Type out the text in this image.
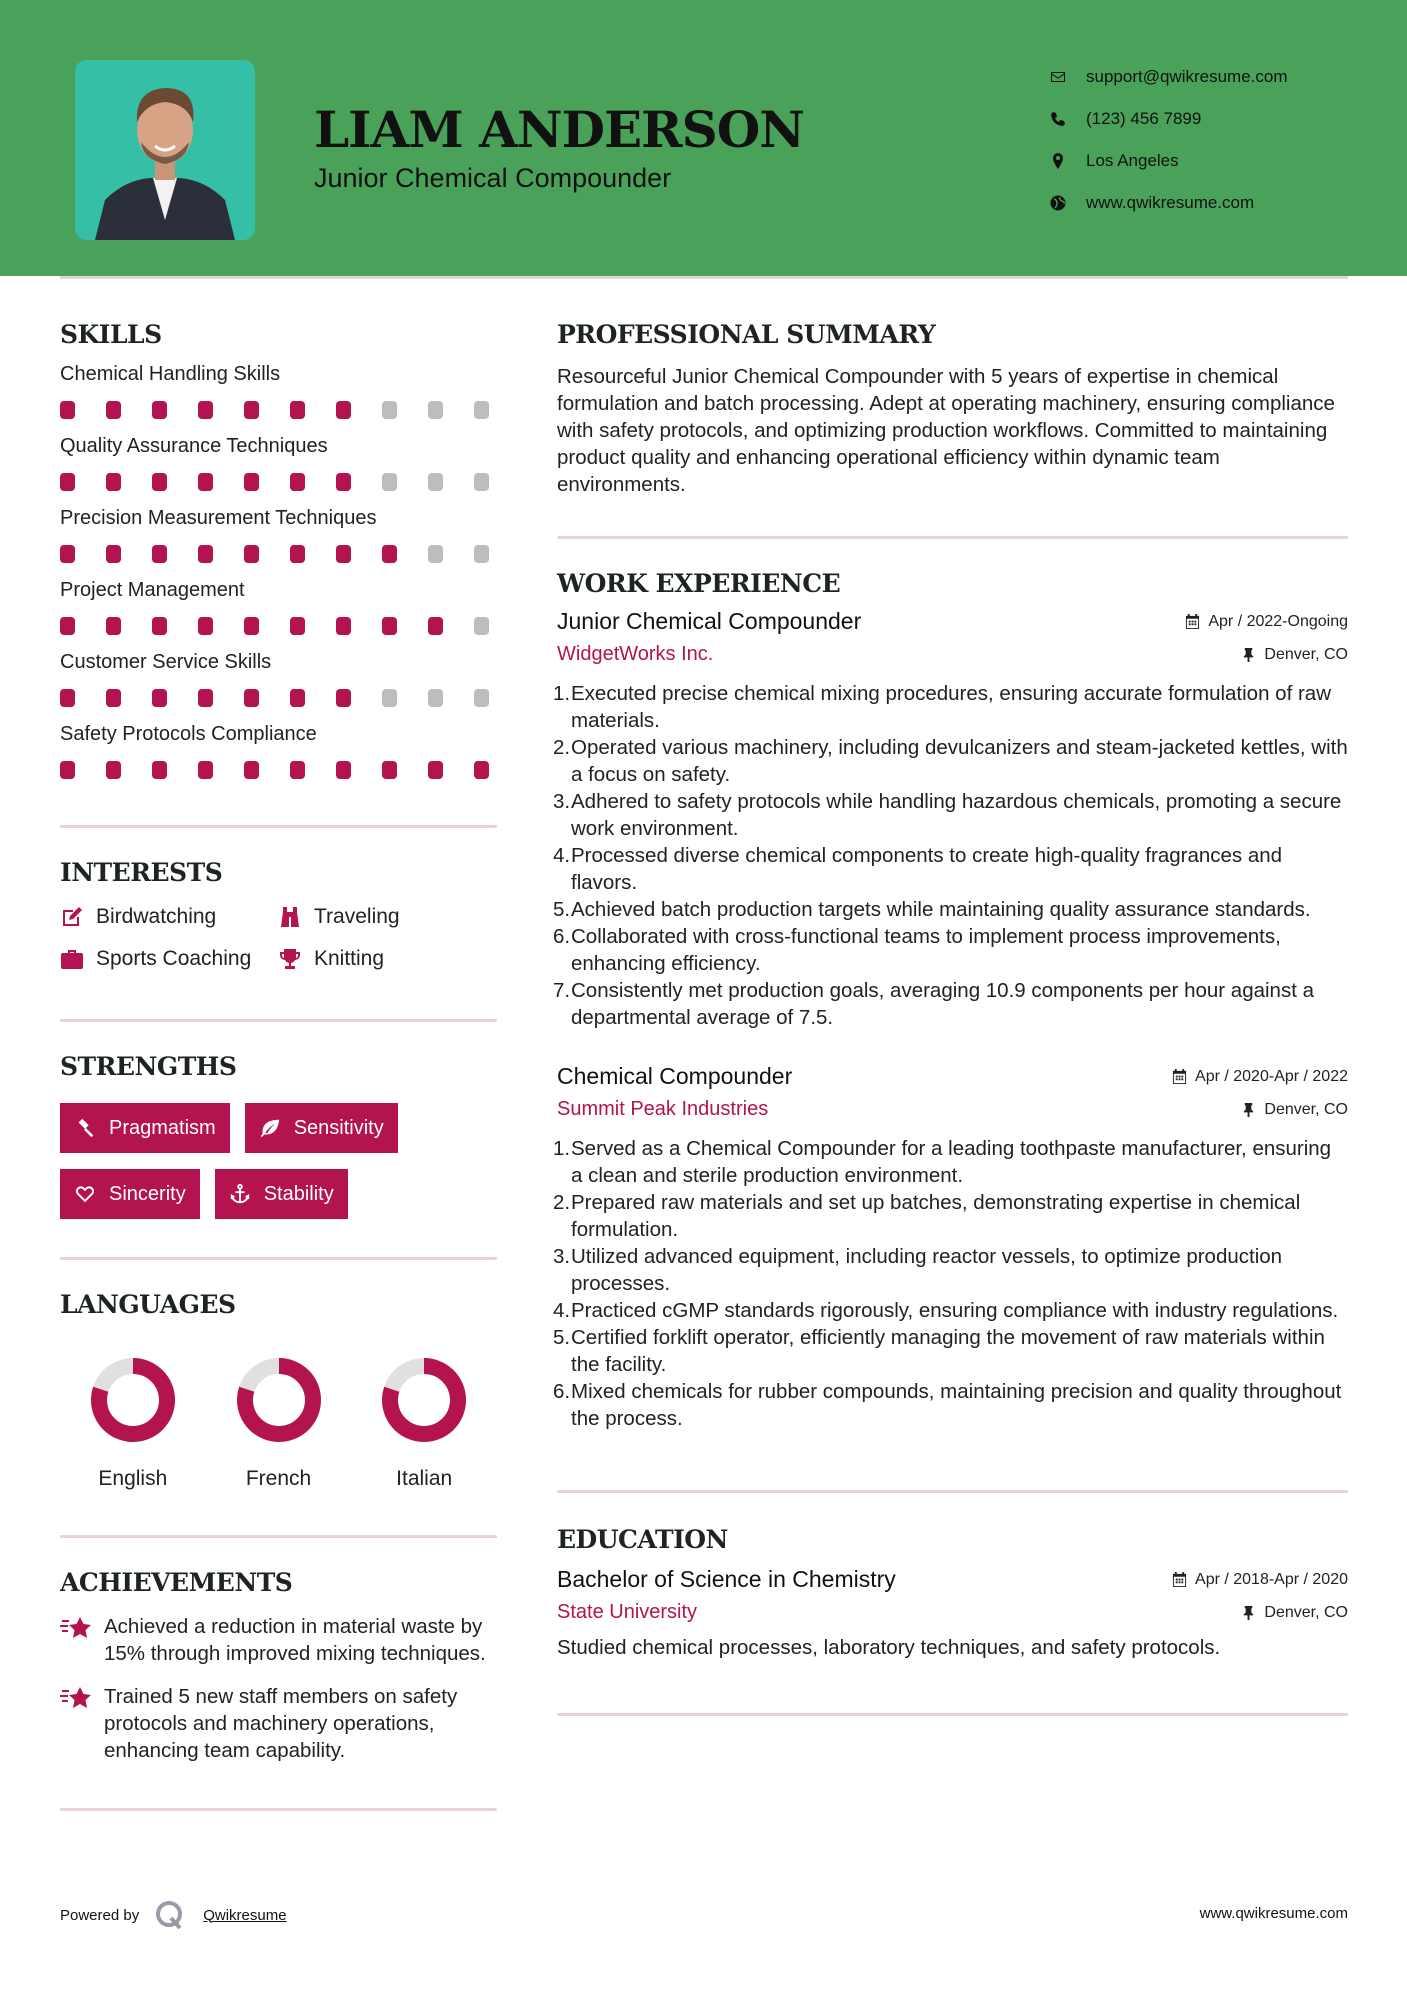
LIAM ANDERSON
Junior Chemical Compounder
support@qwikresume.com
(123) 456 7899
Los Angeles
www.qwikresume.com
SKILLS
Chemical Handling Skills
Quality Assurance Techniques
Precision Measurement Techniques
Project Management
Customer Service Skills
Safety Protocols Compliance
INTERESTS
Birdwatching	Traveling
Sports Coaching	Knitting
STRENGTHS
Pragmatism	Sensitivity
Sincerity	Stability
LANGUAGES
English	French	Italian
ACHIEVEMENTS
Achieved a reduction in material waste by 15% through improved mixing techniques.
Trained 5 new staff members on safety protocols and machinery operations, enhancing team capability.
PROFESSIONAL SUMMARY

Resourceful Junior Chemical Compounder with 5 years of expertise in chemical formulation and batch processing. Adept at operating machinery, ensuring compliance with safety protocols, and optimizing production workflows. Committed to maintaining product quality and enhancing operational efficiency within dynamic team environments.

WORK EXPERIENCE
Junior Chemical Compounder	Apr / 2022-Ongoing
WidgetWorks Inc.	Denver, CO
1. Executed precise chemical mixing procedures, ensuring accurate formulation of raw materials.
2. Operated various machinery, including devulcanizers and steam-jacketed kettles, with a focus on safety.
3. Adhered to safety protocols while handling hazardous chemicals, promoting a secure work environment.
4. Processed diverse chemical components to create high-quality fragrances and flavors.
5. Achieved batch production targets while maintaining quality assurance standards.
6. Collaborated with cross-functional teams to implement process improvements, enhancing efficiency.
7. Consistently met production goals, averaging 10.9 components per hour against a departmental average of 7.5.
Chemical Compounder	Apr / 2020-Apr / 2022
Summit Peak Industries	Denver, CO
1. Served as a Chemical Compounder for a leading toothpaste manufacturer, ensuring a clean and sterile production environment.
2. Prepared raw materials and set up batches, demonstrating expertise in chemical formulation.
3. Utilized advanced equipment, including reactor vessels, to optimize production processes.
4. Practiced cGMP standards rigorously, ensuring compliance with industry regulations.
5. Certified forklift operator, efficiently managing the movement of raw materials within the facility.
6. Mixed chemicals for rubber compounds, maintaining precision and quality throughout the process.
EDUCATION
Bachelor of Science in Chemistry	Apr / 2018-Apr / 2020
State University	Denver, CO

Studied chemical processes, laboratory techniques, and safety protocols.

Powered by	Qwikresume	www.qwikresume.com
